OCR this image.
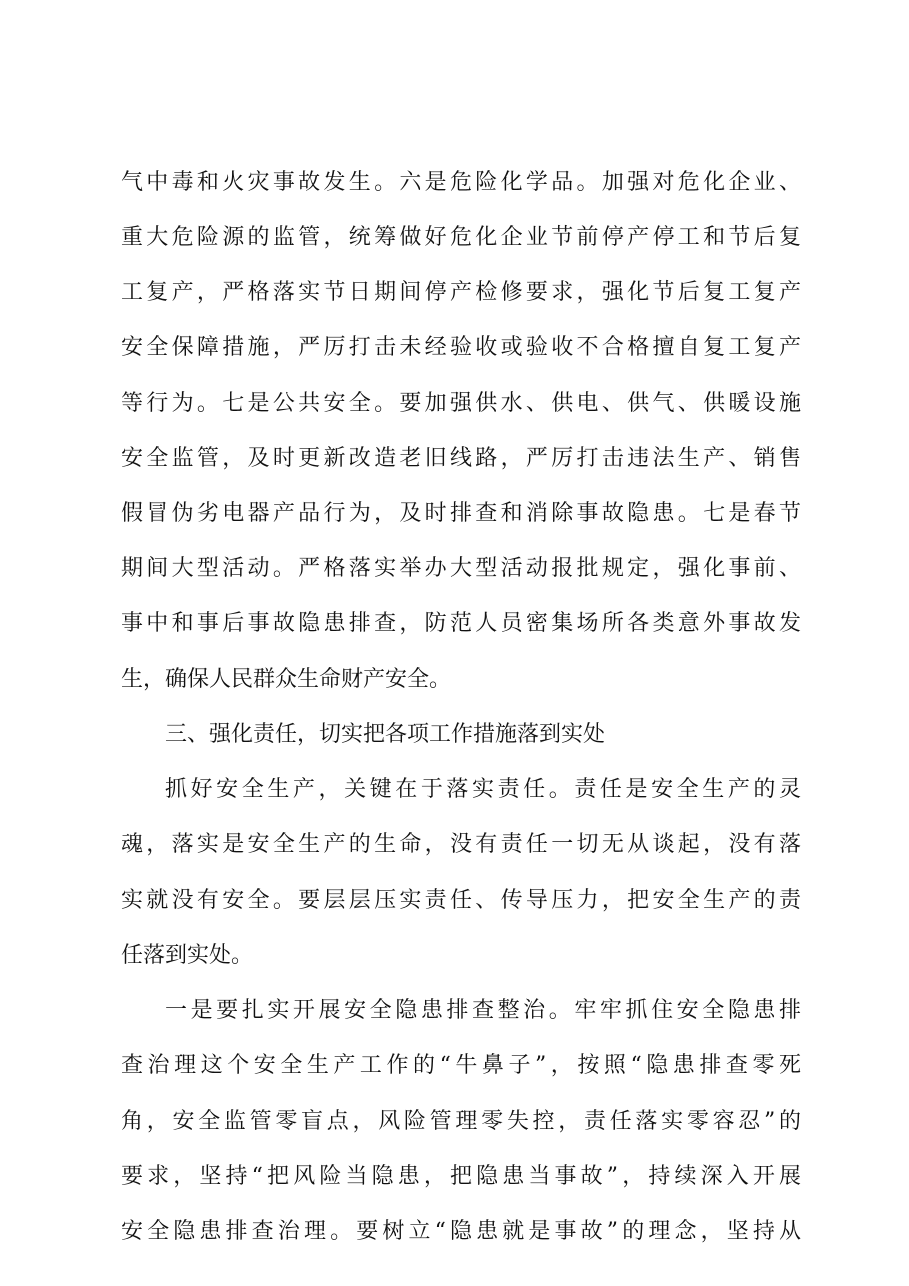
气中毒和火灾事故发生。六是危险化学品。加强对危化企业、
重大危险源的监管，统筹做好危化企业节前停产停工和节后复
工复产，严格落实节日期间停产检修要求，强化节后复工复产
安全保障措施，严厉打击未经验收或验收不合格擅自复工复产
等行为。七是公共安全。要加强供水、供电、供气、供暖设施
安全监管，及时更新改造老旧线路，严厉打击违法生产、销售
假冒伪劣电器产品行为，及时排查和消除事故隐患。七是春节
期间大型活动。严格落实举办大型活动报批规定，强化事前、
事中和事后事故隐患排查，防范人员密集场所各类意外事故发
生，确保人民群众生命财产安全。
三、强化责任，切实把各项工作措施落到实处
抓好安全生产，关键在于落实责任。责任是安全生产的灵
魂，落实是安全生产的生命，没有责任一切无从谈起，没有落
实就没有安全。要层层压实责任、传导压力，把安全生产的责
任落到实处。
一是要扎实开展安全隐患排查整治。牢牢抓住安全隐患排
查治理这个安全生产工作的“牛鼻子”，按照“隐患排查零死
角，安全监管零盲点，风险管理零失控，责任落实零容忍”的
要求，坚持“把风险当隐患，把隐患当事故”，持续深入开展
安全隐患排查治理。要树立“隐患就是事故”的理念，坚持从
